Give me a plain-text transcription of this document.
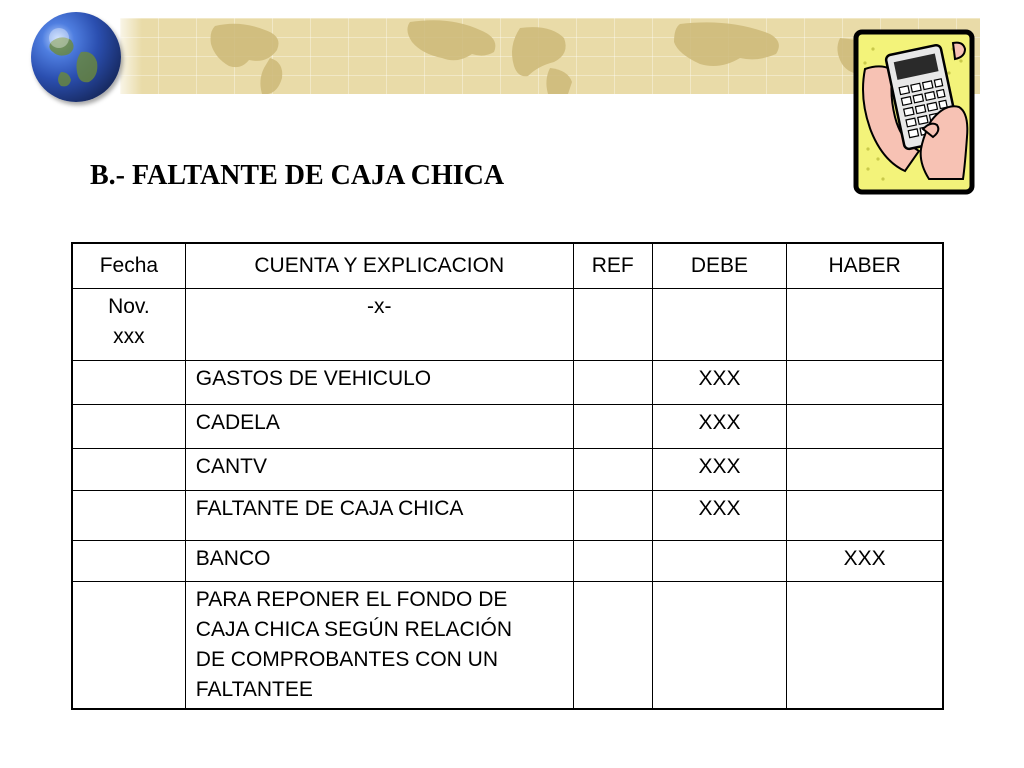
B.- FALTANTE DE CAJA CHICA
Fecha	CUENTA Y EXPLICACION	REF	DEBE	HABER

Nov.
xxx	-x-			
	GASTOS DE VEHICULO		XXX	
	CADELA		XXX	
	CANTV		XXX	
	FALTANTE DE CAJA CHICA		XXX	
	BANCO			XXX

	PARA REPONER EL FONDO DE
CAJA CHICA SEGÚN RELACIÓN
DE COMPROBANTES CON UN
FALTANTEE			
